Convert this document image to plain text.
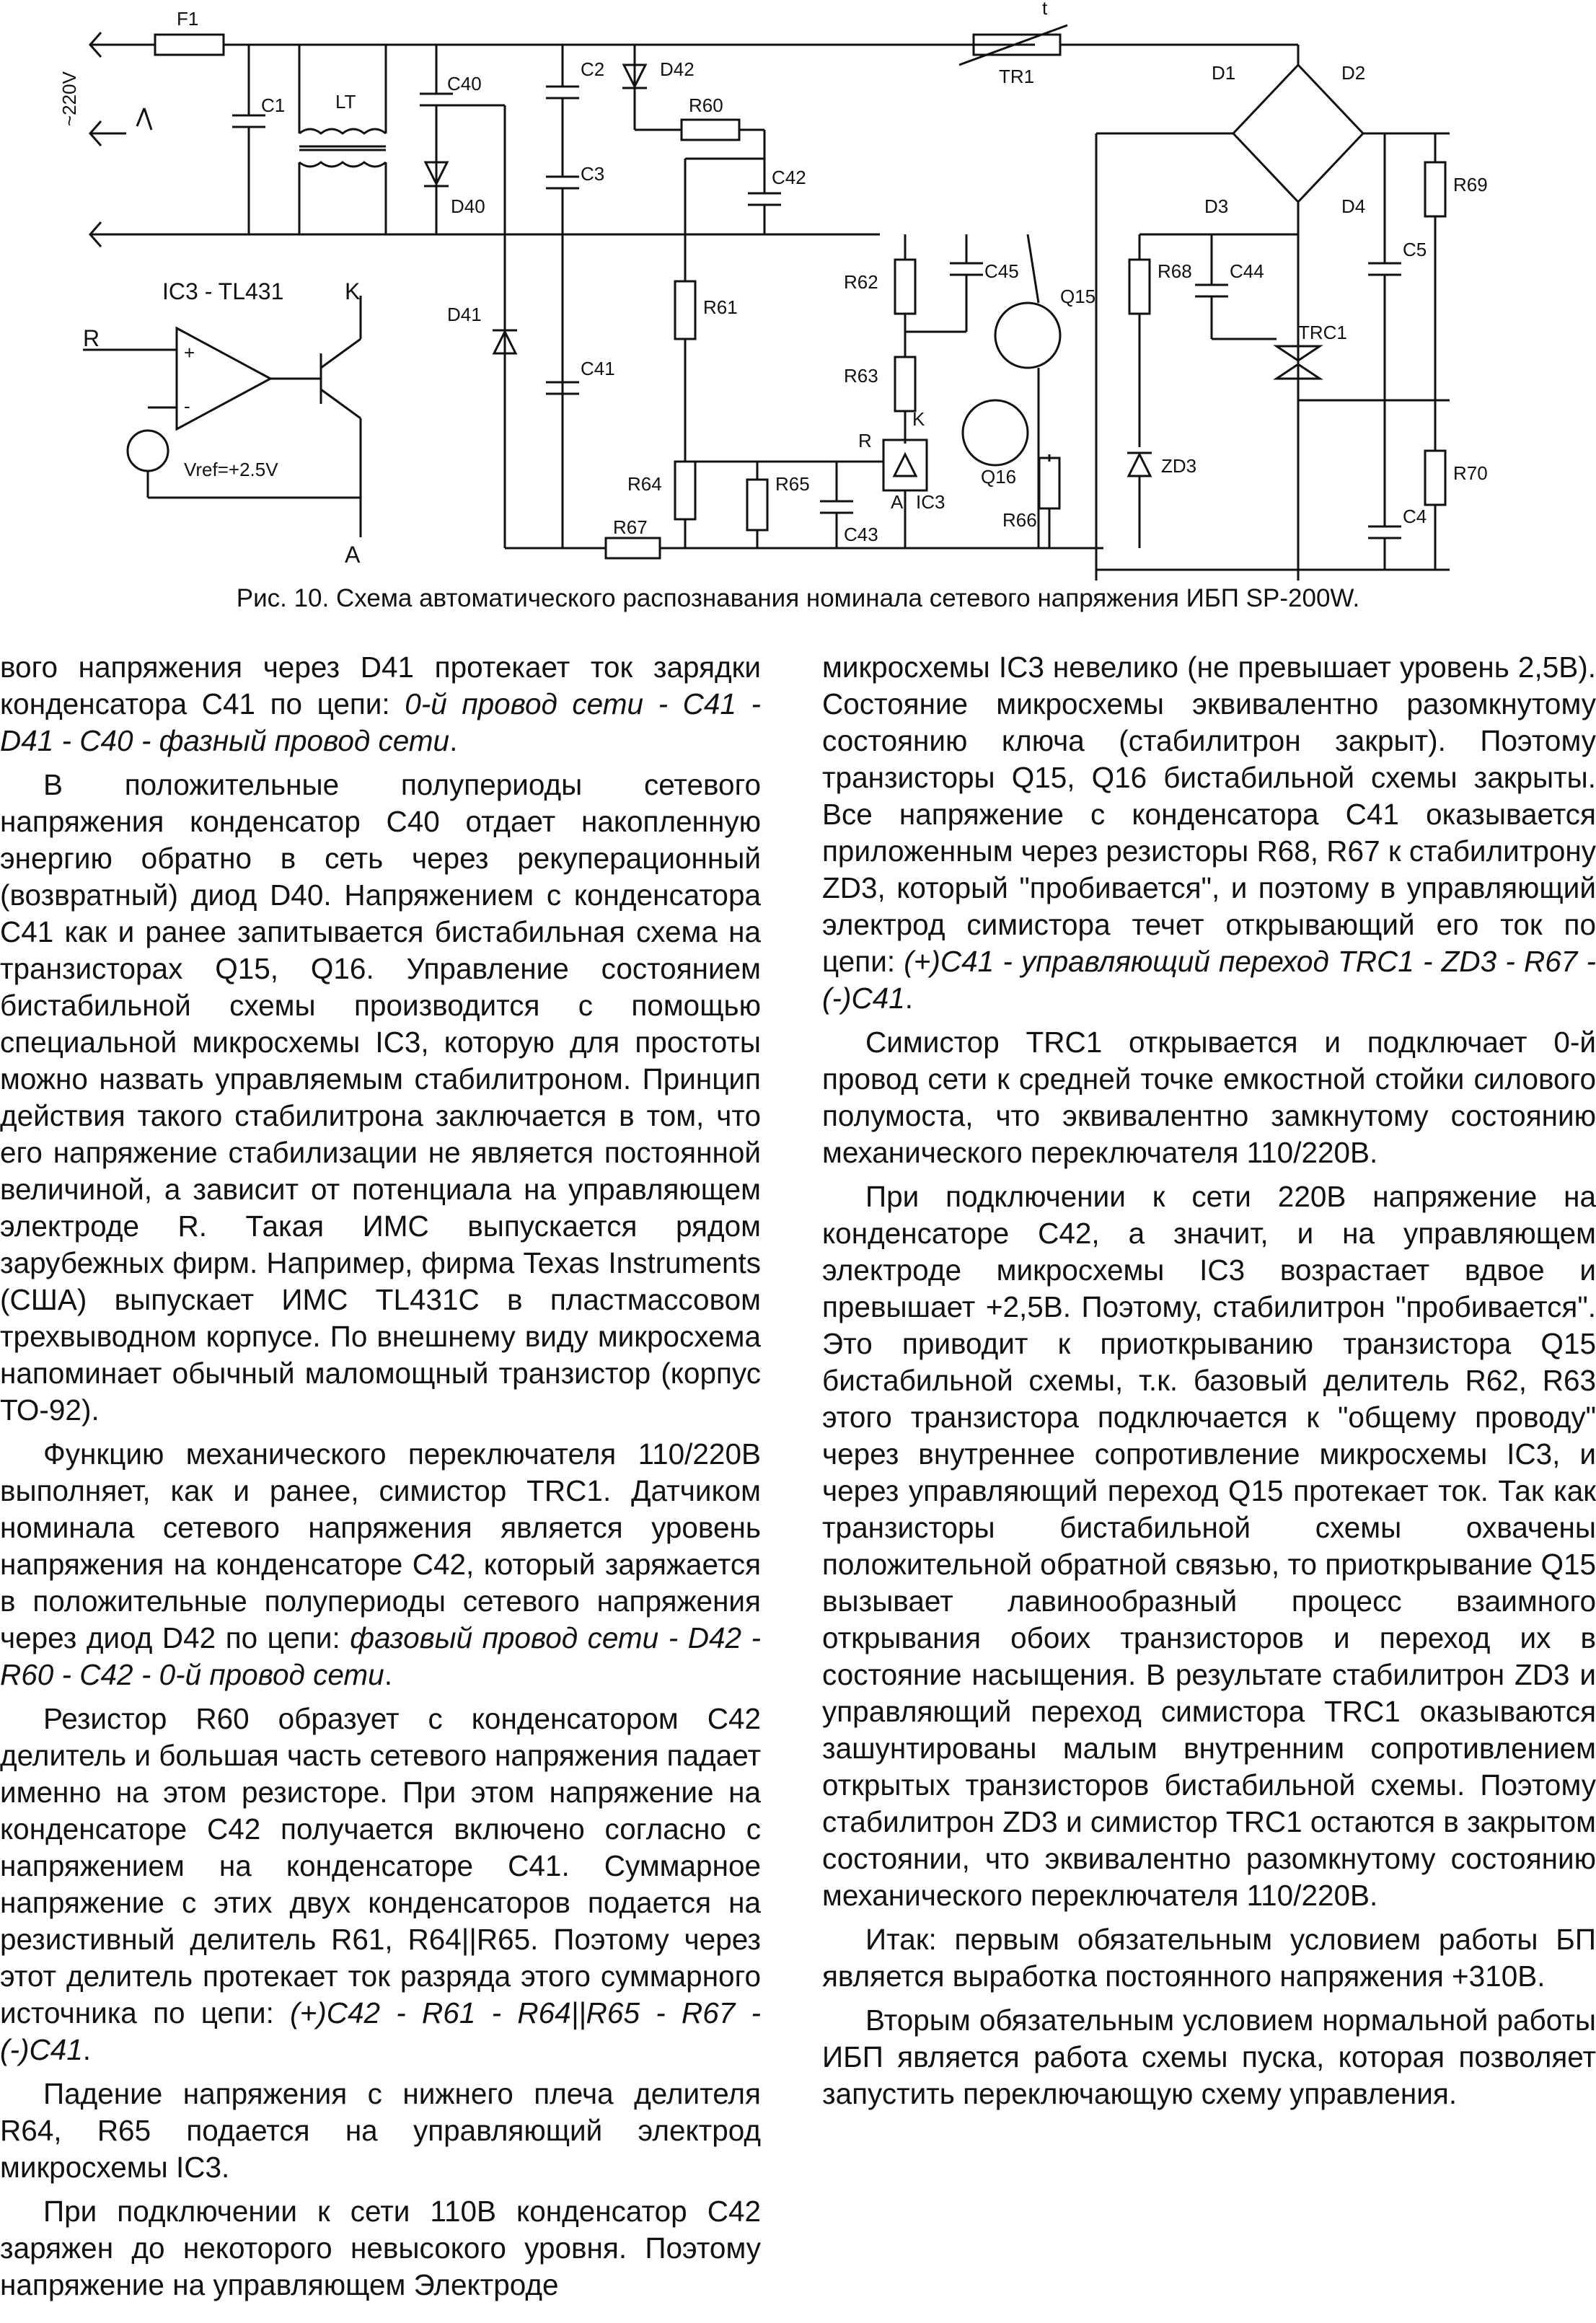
F1
~220V	C1	LT
C40
C2	D42
R60
TR1
t
D1	D2
C3
D40
C42
D3	D4
R69
C5
R62	C45
Q15
R68 C44
TRC1
D41	R61
C41	R63
K
R
ZD3	R70
Q16
R64	R65
A IC3
R66
C43
C4
R67
IC3 - TL431	K
R
A
+
-
Vref=+2.5V
Рис. 10. Схема автоматического распознавания номинала сетевого напряжения ИБП SP-200W.

вого напряжения через D41 протекает ток зарядки конденсатора С41 по цепи: 0-й провод сети - С41 - D41 - С40 - фазный провод сети.

В положительные полупериоды сетевого напряжения конденсатор С40 отдает накопленную энергию обратно в сеть через рекуперационный (возвратный) диод D40. Напряжением с конденсатора С41 как и ранее запитывается бистабильная схема на транзисторах Q15, Q16. Управление состоянием бистабильной схемы производится с помощью специальной микросхемы IC3, которую для простоты можно назвать управляемым стабилитроном. Принцип действия такого стабилитрона заключается в том, что его напряжение стабилизации не является постоянной величиной, а зависит от потенциала на управляющем электроде R. Такая ИМС выпускается рядом зарубежных фирм. Например, фирма Texas Instruments (США) выпускает ИМС TL431C в пластмассовом трехвыводном корпусе. По внешнему виду микросхема напоминает обычный маломощный транзистор (корпус ТО-92).

Функцию механического переключателя 110/220В выполняет, как и ранее, симистор TRC1. Датчиком номинала сетевого напряжения является уровень напряжения на конденсаторе С42, который заряжается в положительные полупериоды сетевого напряжения через диод D42 по цепи: фазовый провод сети - D42 - R60 - С42 - 0-й провод сети.

Резистор R60 образует с конденсатором С42 делитель и большая часть сетевого напряжения падает именно на этом резисторе. При этом напряжение на конденсаторе С42 получается включено согласно с напряжением на конденсаторе С41. Суммарное напряжение с этих двух конденсаторов подается на резистивный делитель R61, R64||R65. Поэтому через этот делитель протекает ток разряда этого суммарного источника по цепи: (+)С42 - R61 - R64||R65 - R67 - (-)С41.

Падение напряжения с нижнего плеча делителя R64, R65 подается на управляющий электрод микросхемы IC3.

При подключении к сети 110В конденсатор С42 заряжен до некоторого невысокого уровня. Поэтому напряжение на управляющем Электроде

микросхемы IC3 невелико (не превышает уровень 2,5В). Состояние микросхемы эквивалентно разомкнутому состоянию ключа (стабилитрон закрыт). Поэтому транзисторы Q15, Q16 бистабильной схемы закрыты. Все напряжение с конденсатора С41 оказывается приложенным через резисторы R68, R67 к стабилитрону ZD3, который "пробивается", и поэтому в управляющий электрод симистора течет открывающий его ток по цепи: (+)С41 - управляющий переход TRC1 - ZD3 - R67 - (-)С41.

Симистор TRC1 открывается и подключает 0-й провод сети к средней точке емкостной стойки силового полумоста, что эквивалентно замкнутому состоянию механического переключателя 110/220В.

При подключении к сети 220В напряжение на конденсаторе С42, а значит, и на управляющем электроде микросхемы IC3 возрастает вдвое и превышает +2,5В. Поэтому, стабилитрон "пробивается". Это приводит к приоткрыванию транзистора Q15 бистабильной схемы, т.к. базовый делитель R62, R63 этого транзистора подключается к "общему проводу" через внутреннее сопротивление микросхемы IC3, и через управляющий переход Q15 протекает ток. Так как транзисторы бистабильной схемы охвачены положительной обратной связью, то приоткрывание Q15 вызывает лавинообразный процесс взаимного открывания обоих транзисторов и переход их в состояние насыщения. В результате стабилитрон ZD3 и управляющий переход симистора TRC1 оказываются зашунтированы малым внутренним сопротивлением открытых транзисторов бистабильной схемы. Поэтому стабилитрон ZD3 и симистор TRC1 остаются в закрытом состоянии, что эквивалентно разомкнутому состоянию механического переключателя 110/220В.

Итак: первым обязательным условием работы БП является выработка постоянного напряжения +310В.

Вторым обязательным условием нормальной работы ИБП является работа схемы пуска, которая позволяет запустить переключающую схему управления.
